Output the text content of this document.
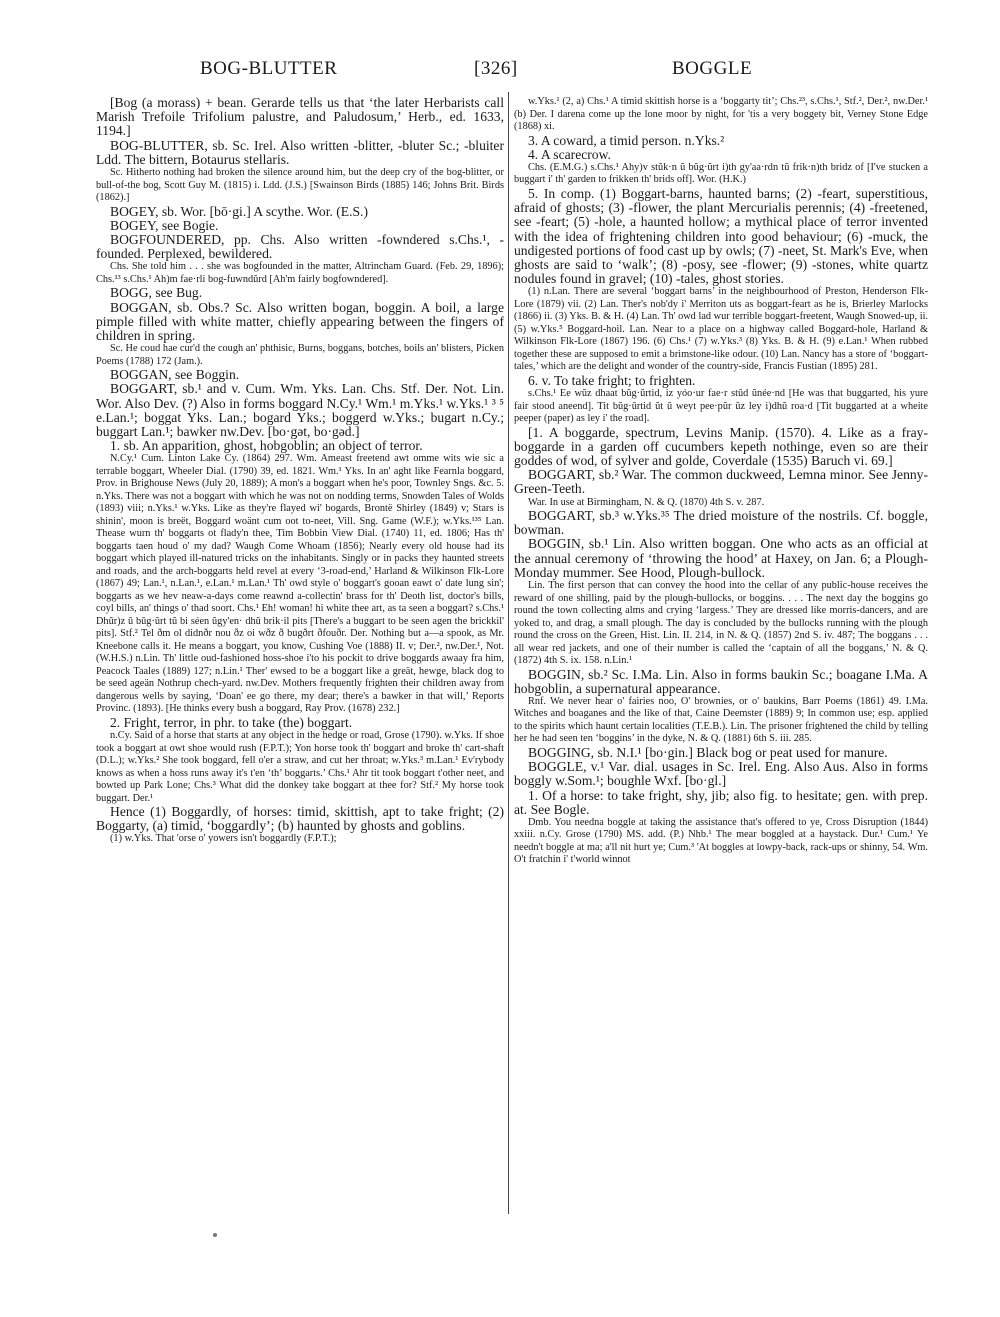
BOG-BLUTTER	[326]	BOGGLE

[Bog (a morass) + bean. Gerarde tells us that ‘the later Herbarists call Marish Trefoile Trifolium palustre, and Paludosum,’ Herb., ed. 1633, 1194.]

BOG-BLUTTER, sb. Sc. Irel. Also written -blitter, -bluter Sc.; -bluiter Ldd. The bittern, Botaurus stellaris.

Sc. Hitherto nothing had broken the silence around him, but the deep cry of the bog-blitter, or bull-of-the bog, Scott Guy M. (1815) i. Ldd. (J.S.) [Swainson Birds (1885) 146; Johns Brit. Birds (1862).]

BOGEY, sb. Wor. [bō·gi.] A scythe. Wor. (E.S.)

BOGEY, see Bogie.

BOGFOUNDERED, pp. Chs. Also written -fowndered s.Chs.¹, -founded. Perplexed, bewildered.

Chs. She told him . . . she was bogfounded in the matter, Altrincham Guard. (Feb. 29, 1896); Chs.¹³ s.Chs.¹ Ah)m fae·rli bog-fuwndŭrd [Ah'm fairly bogfowndered].

BOGG, see Bug.

BOGGAN, sb. Obs.? Sc. Also written bogan, boggin. A boil, a large pimple filled with white matter, chiefly appearing between the fingers of children in spring.

Sc. He coud hae cur'd the cough an' phthisic, Burns, boggans, botches, boils an' blisters, Picken Poems (1788) 172 (Jam.).

BOGGAN, see Boggin.

BOGGART, sb.¹ and v. Cum. Wm. Yks. Lan. Chs. Stf. Der. Not. Lin. Wor. Also Dev. (?) Also in forms boggard N.Cy.¹ Wm.¹ m.Yks.¹ w.Yks.¹ ³ ⁵ e.Lan.¹; boggat Yks. Lan.; bogard Yks.; boggerd w.Yks.; bugart n.Cy.; buggart Lan.¹; bawker nw.Dev. [bo·gət, bo·gəd.]

1. sb. An apparition, ghost, hobgoblin; an object of terror.

N.Cy.¹ Cum. Linton Lake Cy. (1864) 297. Wm. Ameast freetend awt omme wits wie sic a terrable boggart, Wheeler Dial. (1790) 39, ed. 1821. Wm.¹ Yks. In an' aght like Fearnla boggard, Prov. in Brighouse News (July 20, 1889); A mon's a boggart when he's poor, Townley Sngs. &c. 5. n.Yks. There was not a boggart with which he was not on nodding terms, Snowden Tales of Wolds (1893) viii; n.Yks.¹ w.Yks. Like as they're flayed wi' bogards, Brontë Shirley (1849) v; Stars is shinin', moon is breët, Boggard woänt cum oot to-neet, Vill. Sng. Game (W.F.); w.Yks.¹³⁵ Lan. Thease wurn th' boggarts ot flady'n thee, Tim Bobbin View Dial. (1740) 11, ed. 1806; Has th' boggarts taen houd o' my dad? Waugh Come Whoam (1856); Nearly every old house had its boggart which played ill-natured tricks on the inhabitants. Singly or in packs they haunted streets and roads, and the arch-boggarts held revel at every ‘3-road-end,’ Harland & Wilkinson Flk-Lore (1867) 49; Lan.¹, n.Lan.¹, e.Lan.¹ m.Lan.¹ Th' owd style o' boggart's gooan eawt o' date lung sin'; boggarts as we hev neaw-a-days come reawnd a-collectin' brass for th' Deoth list, doctor's bills, coyl bills, an' things o' thad soort. Chs.¹ Eh! woman! hi white thee art, as ta seen a boggart? s.Chs.¹ Dhŭr)z ŭ bŭg·ŭrt tŭ bi séen ŭgy'en· dhŭ brik·il pits [There's a buggart to be seen agen the brickkil' pits]. Stf.² Tel ðm ol didnðr nou ðz oi wðz ð bugðrt ðfouðr. Der. Nothing but a—a spook, as Mr. Kneebone calls it. He means a boggart, you know, Cushing Voe (1888) II. v; Der.², nw.Der.¹, Not. (W.H.S.) n.Lin. Th' little oud-fashioned hoss-shoe i'to his pockit to drive boggards awaay fra him, Peacock Taales (1889) 127; n.Lin.¹ Ther' ewsed to be a boggart like a greät, hewge, black dog to be seed ageän Nothrup chech-yard. nw.Dev. Mothers frequently frighten their children away from dangerous wells by saying, ‘Doan' ee go there, my dear; there's a bawker in that will,’ Reports Provinc. (1893). [He thinks every bush a boggard, Ray Prov. (1678) 232.]

2. Fright, terror, in phr. to take (the) boggart.

n.Cy. Said of a horse that starts at any object in the hedge or road, Grose (1790). w.Yks. If shoe took a boggart at owt shoe would rush (F.P.T.); Yon horse took th' boggart and broke th' cart-shaft (D.L.); w.Yks.² She took boggard, fell o'er a straw, and cut her throat; w.Yks.³ m.Lan.¹ Ev'rybody knows as when a hoss runs away it's t'en ‘th’ boggarts.’ Chs.¹ Ahr tit took boggart t'other neet, and bowted up Park Lone; Chs.³ What did the donkey take boggart at thee for? Stf.² My horse took buggart. Der.¹

Hence (1) Boggardly, of horses: timid, skittish, apt to take fright; (2) Boggarty, (a) timid, ‘boggardly’; (b) haunted by ghosts and goblins.

(1) w.Yks. That 'orse o' yowers isn't boggardly (F.P.T.);

w.Yks.¹ (2, a) Chs.¹ A timid skittish horse is a ‘boggarty tit’; Chs.²³, s.Chs.¹, Stf.², Der.², nw.Der.¹ (b) Der. I darena come up the lone moor by night, for 'tis a very boggety bit, Verney Stone Edge (1868) xi.

3. A coward, a timid person. n.Yks.²

4. A scarecrow.

Chs. (E.M.G.) s.Chs.¹ Ahy)v stŭk·n ŭ bŭg·ŭrt i)th gy'aa·rdn tŭ frik·n)th bridz of [I've stucken a buggart i' th' garden to frikken th' brids off]. Wor. (H.K.)

5. In comp. (1) Boggart-barns, haunted barns; (2) -feart, superstitious, afraid of ghosts; (3) -flower, the plant Mercurialis perennis; (4) -freetened, see -feart; (5) -hole, a haunted hollow; a mythical place of terror invented with the idea of frightening children into good behaviour; (6) -muck, the undigested portions of food cast up by owls; (7) -neet, St. Mark's Eve, when ghosts are said to ‘walk’; (8) -posy, see -flower; (9) -stones, white quartz nodules found in gravel; (10) -tales, ghost stories.

(1) n.Lan. There are several ‘boggart barns’ in the neighbourhood of Preston, Henderson Flk-Lore (1879) vii. (2) Lan. Ther's nob'dy i' Merriton uts as boggart-feart as he is, Brierley Marlocks (1866) ii. (3) Yks. B. & H. (4) Lan. Th' owd lad wur terrible boggart-freetent, Waugh Snowed-up, ii. (5) w.Yks.⁵ Boggard-hoil. Lan. Near to a place on a highway called Boggard-hole, Harland & Wilkinson Flk-Lore (1867) 196. (6) Chs.¹ (7) w.Yks.³ (8) Yks. B. & H. (9) e.Lan.¹ When rubbed together these are supposed to emit a brimstone-like odour. (10) Lan. Nancy has a store of ‘boggart-tales,’ which are the delight and wonder of the country-side, Francis Fustian (1895) 281.

6. v. To take fright; to frighten.

s.Chs.¹ Ee wŭz dhaat bŭg·ŭrtid, iz yóo·ur fae·r stŭd ŭnée·nd [He was that buggarted, his yure fair stood aneend]. Tit bŭg·ŭrtid ŭt ŭ weyt pee·pŭr ŭz ley i)dhŭ roa·d [Tit buggarted at a wheite peeper (paper) as ley i' the road].

[1. A boggarde, spectrum, Levins Manip. (1570). 4. Like as a fray-boggarde in a garden off cucumbers kepeth nothinge, even so are their goddes of wod, of sylver and golde, Coverdale (1535) Baruch vi. 69.]

BOGGART, sb.² War. The common duckweed, Lemna minor. See Jenny-Green-Teeth.

War. In use at Birmingham, N. & Q. (1870) 4th S. v. 287.

BOGGART, sb.³ w.Yks.³⁵ The dried moisture of the nostrils. Cf. boggle, bowman.

BOGGIN, sb.¹ Lin. Also written boggan. One who acts as an official at the annual ceremony of ‘throwing the hood’ at Haxey, on Jan. 6; a Plough-Monday mummer. See Hood, Plough-bullock.

Lin. The first person that can convey the hood into the cellar of any public-house receives the reward of one shilling, paid by the plough-bullocks, or boggins. . . . The next day the boggins go round the town collecting alms and crying ‘largess.’ They are dressed like morris-dancers, and are yoked to, and drag, a small plough. The day is concluded by the bullocks running with the plough round the cross on the Green, Hist. Lin. II. 214, in N. & Q. (1857) 2nd S. iv. 487; The boggans . . . all wear red jackets, and one of their number is called the ‘captain of all the boggans,’ N. & Q. (1872) 4th S. ix. 158. n.Lin.¹

BOGGIN, sb.² Sc. I.Ma. Lin. Also in forms baukin Sc.; boagane I.Ma. A hobgoblin, a supernatural appearance.

Rnf. We never hear o' fairies noo, O' brownies, or o' baukins, Barr Poems (1861) 49. I.Ma. Witches and boaganes and the like of that, Caine Deemster (1889) 9; In common use; esp. applied to the spirits which haunt certain localities (T.E.B.). Lin. The prisoner frightened the child by telling her he had seen ten ‘boggins’ in the dyke, N. & Q. (1881) 6th S. iii. 285.

BOGGING, sb. N.I.¹ [bo·gin.] Black bog or peat used for manure.

BOGGLE, v.¹ Var. dial. usages in Sc. Irel. Eng. Also Aus. Also in forms boggly w.Som.¹; boughle Wxf. [bo·gl.]

1. Of a horse: to take fright, shy, jib; also fig. to hesitate; gen. with prep. at. See Bogle.

Dmb. You needna boggle at taking the assistance that's offered to ye, Cross Disruption (1844) xxiii. n.Cy. Grose (1790) MS. add. (P.) Nhb.¹ The mear boggled at a haystack. Dur.¹ Cum.¹ Ye needn't boggle at ma; a'll nit hurt ye; Cum.³ 'At boggles at lowpy-back, rack-ups or shinny, 54. Wm. O't fratchin i' t'world winnot
